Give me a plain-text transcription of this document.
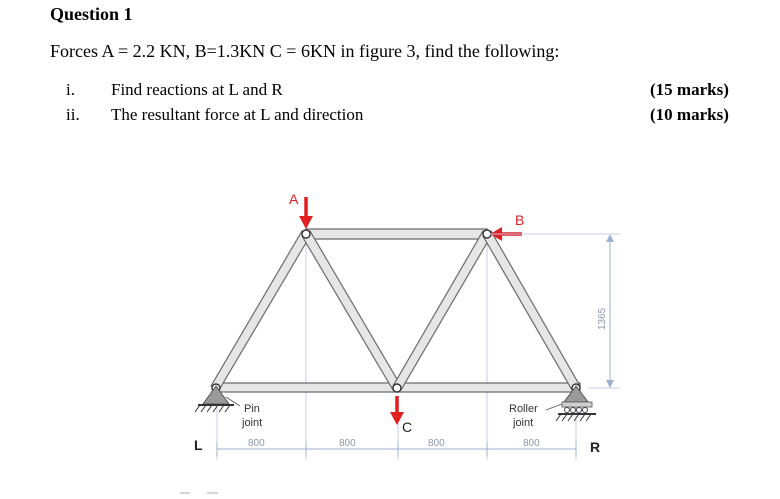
Question 1
Forces A = 2.2 KN, B=1.3KN C = 6KN in figure 3, find the following:
i. Find reactions at L and R	(15 marks)
ii. The resultant force at L and direction	(10 marks)
A
B
C
Pin
joint
Roller
joint
800	800	800	800
1365
L	R
